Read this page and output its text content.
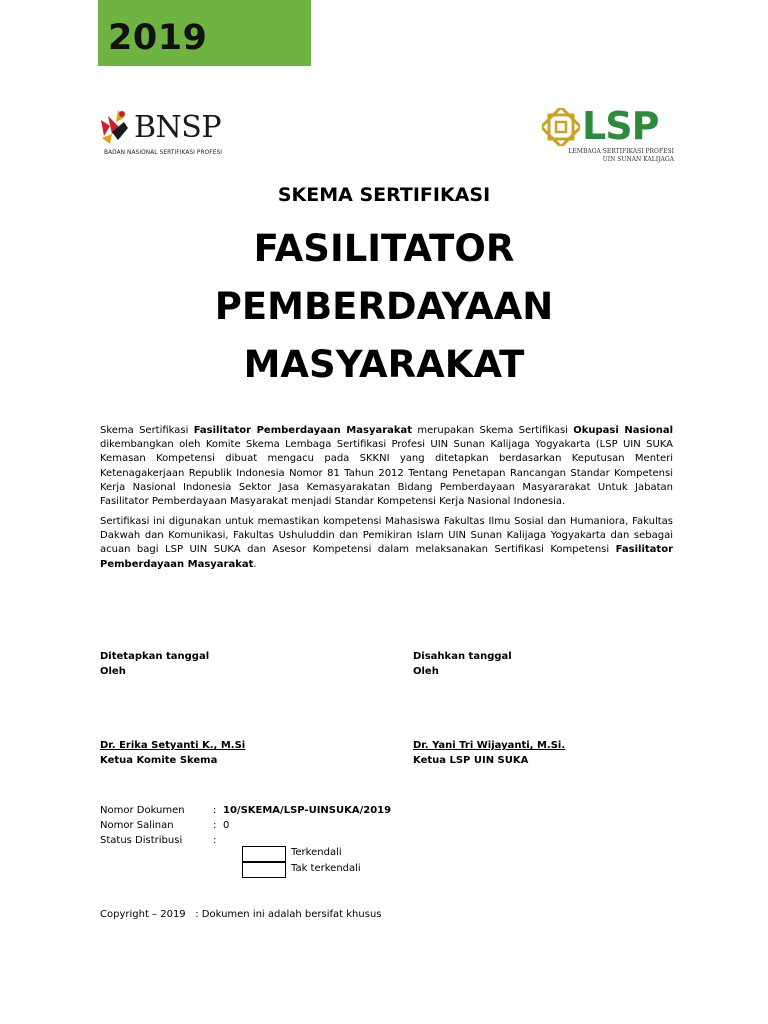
2019
BNSP
BADAN NASIONAL SERTIFIKASI PROFESI
LSP
LEMBAGA SERTIFIKASI PROFESI
UIN SUNAN KALIJAGA
SKEMA SERTIFIKASI
FASILITATOR
PEMBERDAYAAN
MASYARAKAT
Skema Sertifikasi Fasilitator Pemberdayaan Masyarakat merupakan Skema Sertifikasi Okupasi Nasional dikembangkan oleh Komite Skema Lembaga Sertifikasi Profesi UIN Sunan Kalijaga Yogyakarta (LSP UIN SUKA Kemasan Kompetensi dibuat mengacu pada SKKNI yang ditetapkan berdasarkan Keputusan Menteri Ketenagakerjaan Republik Indonesia Nomor 81 Tahun 2012 Tentang Penetapan Rancangan Standar Kompetensi Kerja Nasional Indonesia Sektor Jasa Kemasyarakatan Bidang Pemberdayaan Masyararakat Untuk Jabatan Fasilitator Pemberdayaan Masyarakat menjadi Standar Kompetensi Kerja Nasional Indonesia.
Sertifikasi ini digunakan untuk memastikan kompetensi Mahasiswa Fakultas Ilmu Sosial dan Humaniora, Fakultas Dakwah dan Komunikasi, Fakultas Ushuluddin dan Pemikiran Islam UIN Sunan Kalijaga Yogyakarta dan sebagai acuan bagi LSP UIN SUKA dan Asesor Kompetensi dalam melaksanakan Sertifikasi Kompetensi Fasilitator Pemberdayaan Masyarakat.
Ditetapkan tanggal
Oleh
Disahkan tanggal
Oleh
Dr. Erika Setyanti K., M.Si
Ketua Komite Skema
Dr. Yani Tri Wijayanti, M.Si.
Ketua LSP UIN SUKA
Nomor Dokumen	: 10/SKEMA/LSP-UINSUKA/2019
Nomor Salinan	: 0
Status Distribusi	:
Terkendali
Tak terkendali
Copyright – 2019 : Dokumen ini adalah bersifat khusus
